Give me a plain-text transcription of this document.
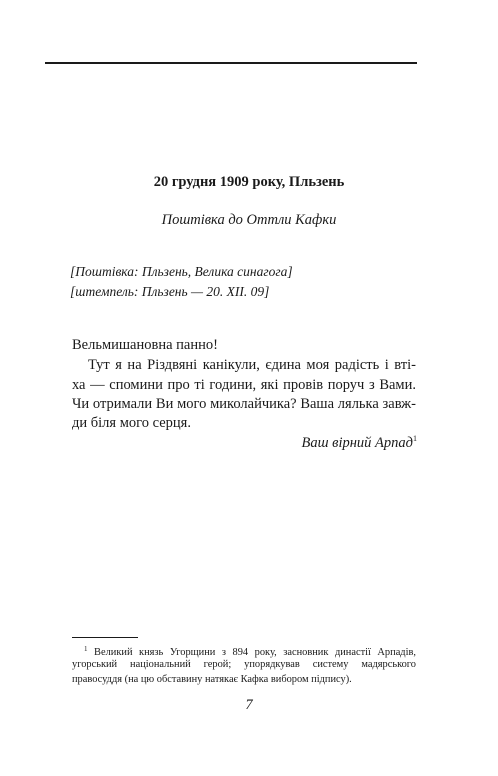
20 грудня 1909 року, Пльзень
Поштівка до Оттли Кафки
[Поштівка: Пльзень, Велика синагога]
[штемпель: Пльзень — 20. XII. 09]
Вельмишановна панно!
Тут я на Різдвяні канікули, єдина моя радість і вті-
ха — спомини про ті години, які провів поруч з Вами.
Чи отримали Ви мого миколайчика? Ваша лялька завж-
ди біля мого серця.
Ваш вірний Арпад$^1$
$^1$ Великий князь Угорщини з 894 року, засновник династії Арпадів,
угорський національний герой; упорядкував систему мадярського
правосуддя (на цю обставину натякає Кафка вибором підпису).
7
